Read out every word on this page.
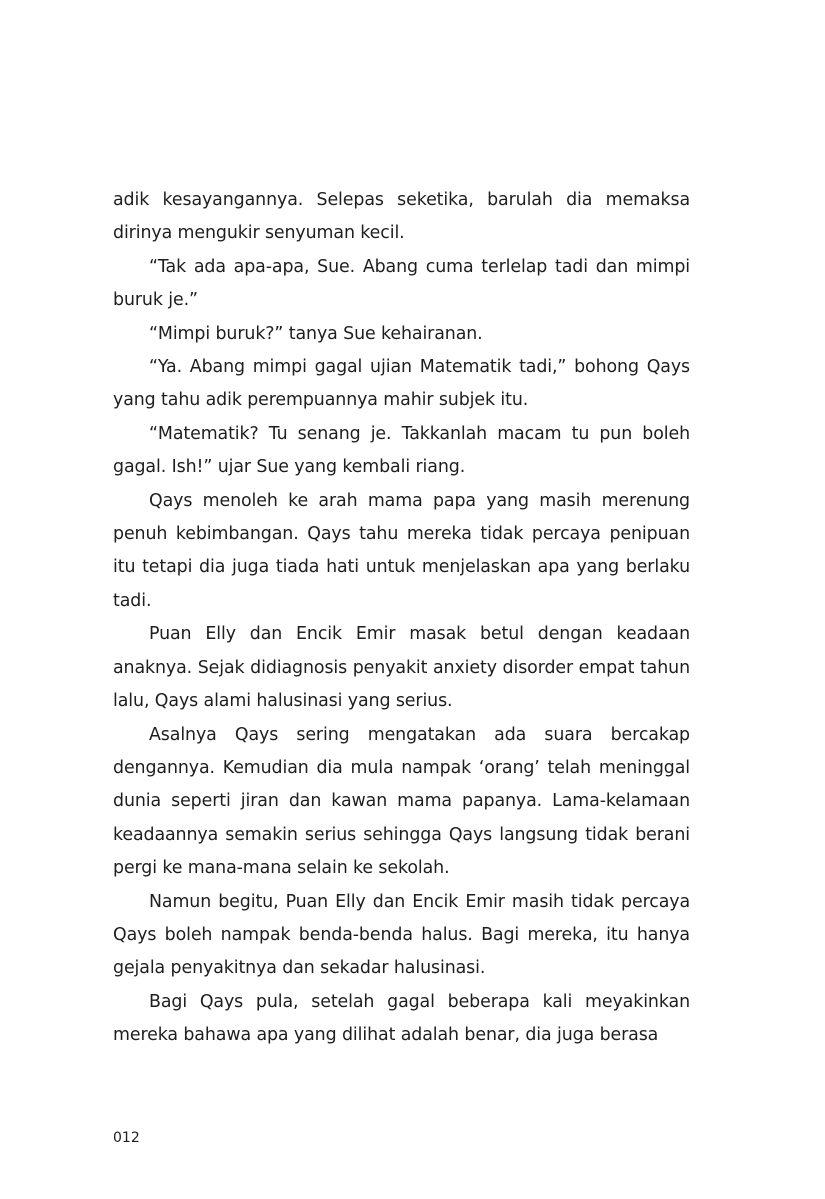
adik kesayangannya. Selepas seketika, barulah dia memaksa dirinya mengukir senyuman kecil.

“Tak ada apa-apa, Sue. Abang cuma terlelap tadi dan mimpi buruk je.”

“Mimpi buruk?” tanya Sue kehairanan.

“Ya. Abang mimpi gagal ujian Matematik tadi,” bohong Qays yang tahu adik perempuannya mahir subjek itu.

“Matematik? Tu senang je. Takkanlah macam tu pun boleh gagal. Ish!” ujar Sue yang kembali riang.

Qays menoleh ke arah mama papa yang masih merenung penuh kebimbangan. Qays tahu mereka tidak percaya penipuan itu tetapi dia juga tiada hati untuk menjelaskan apa yang berlaku tadi.

Puan Elly dan Encik Emir masak betul dengan keadaan anaknya. Sejak didiagnosis penyakit anxiety disorder empat tahun lalu, Qays alami halusinasi yang serius.

Asalnya Qays sering mengatakan ada suara bercakap dengannya. Kemudian dia mula nampak ‘orang’ telah meninggal dunia seperti jiran dan kawan mama papanya. Lama-kelamaan keadaannya semakin serius sehingga Qays langsung tidak berani pergi ke mana-mana selain ke sekolah.

Namun begitu, Puan Elly dan Encik Emir masih tidak percaya Qays boleh nampak benda-benda halus. Bagi mereka, itu hanya gejala penyakitnya dan sekadar halusinasi.

Bagi Qays pula, setelah gagal beberapa kali meyakinkan mereka bahawa apa yang dilihat adalah benar, dia juga berasa

012
